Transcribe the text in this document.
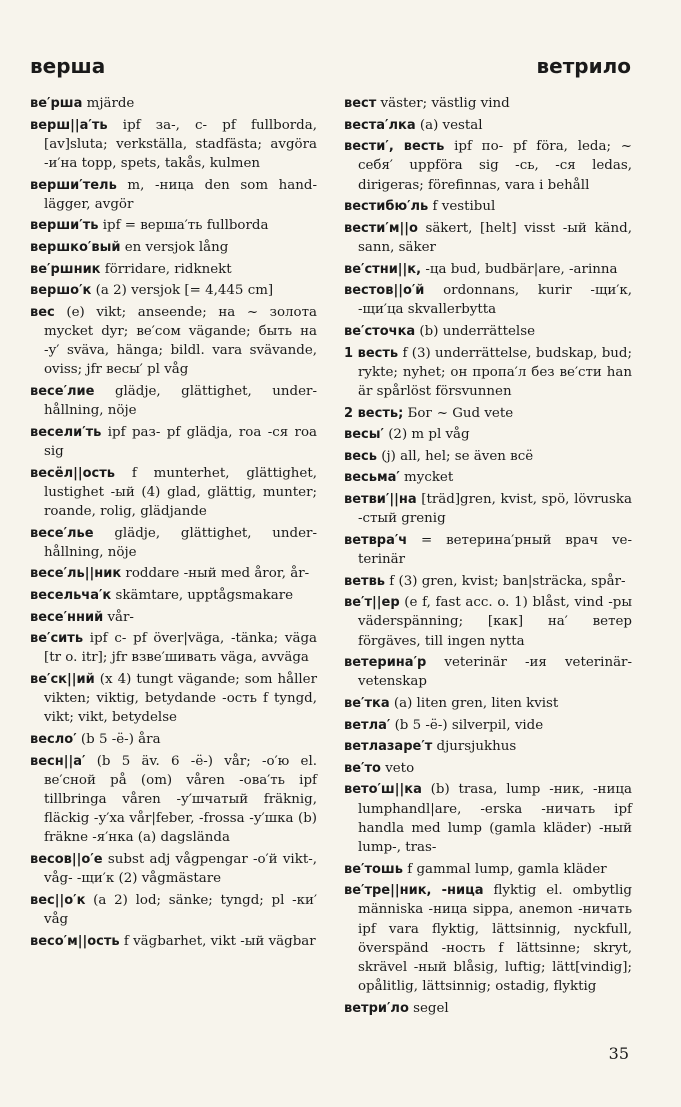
верша	ветрило

ве′рша mjärde

верш||а′ть ipf за-, с- pf fullborda, [av]sluta; verkställa, stadfästa; avgöra -и′на topp, spets, takås, kulmen

верши′тель m, -ница den som handlägger, avgör

верши′ть ipf = верша′ть fullborda

вершко′вый en versjok lång

ве′ршник förridare, ridknekt

вершо′к (a 2) versjok [= 4,445 cm]

вес (e) vikt; anseende; на ~ золота mycket dyr; ве′сом vägande; быть на -у′ sväva, hänga; bildl. vara svävande, oviss; jfr весы′ pl våg

весе′лие glädje, glättighet, underhållning, nöje

весели′ть ipf раз- pf glädja, roa -ся roa sig

весёл||ость f munterhet, glättighet, lustighet -ый (4) glad, glättig, munter; roande, rolig, glädjande

весе′лье glädje, glättighet, underhållning, nöje

весе′ль||ник roddare -ный med åror, år-

весельча′к skämtare, upptågsmakare

весе′нний vår-

ве′сить ipf с- pf över|väga, -tänka; väga [tr o. itr]; jfr взве′шивать väga, avväga

ве′ск||ий (x 4) tungt vägande; som håller vikten; viktig, betydande -ость f tyngd, vikt; vikt, betydelse

весло′ (b 5 -ё-) åra

весн||а′ (b 5 äv. 6 -ё-) vår; -о′ю el. ве′сной på (om) våren -ова′ть ipf tillbringa våren -у′шчатый fräknig, fläckig -у′ха vår|feber, -frossa -у′шка (b) fräkne -я′нка (a) dagslända

весов||о′е subst adj vågpengar -о′й vikt-, våg- -щи′к (2) vågmästare

вес||о′к (a 2) lod; sänke; tyngd; pl -ки′ våg

весо′м||ость f vägbarhet, vikt -ый vägbar

вест väster; västlig vind

веста′лка (a) vestal

вести′, весть ipf по- pf föra, leda; ~ себя′ uppföra sig -сь, -ся ledas, dirigeras; förefinnas, vara i behåll

вестибю′ль f vestibul

вести′м||о säkert, [helt] visst -ый känd, sann, säker

ве′стни||к, -ца bud, budbär|are, -arinna

вестов||о′й ordonnans, kurir -щи′к, -щи′ца skvallerbytta

ве′сточка (b) underrättelse

1 весть f (3) underrättelse, budskap, bud; rykte; nyhet; он пропа′л без ве′сти han är spårlöst försvunnen

2 весть; Бог ~ Gud vete

весы′ (2) m pl våg

весь (j) all, hel; se även всё

весьма′ mycket

ветви′||на [träd]gren, kvist, spö, lövruska -стый grenig

ветвра′ч = ветерина′рный врач veterinär

ветвь f (3) gren, kvist; ban|sträcka, spår-

ве′т||ер (e f, fast acc. o. 1) blåst, vind -ры väderspänning; [как] на′ ветер förgäves, till ingen nytta

ветерина′р veterinär -ия veterinärvetenskap

ве′тка (a) liten gren, liten kvist

ветла′ (b 5 -ё-) silverpil, vide

ветлазаре′т djursjukhus

ве′то veto

вето′ш||ка (b) trasa, lump -ник, -ница lumphandl|are, -erska -ничать ipf handla med lump (gamla kläder) -ный lump-, tras-

ве′тошь f gammal lump, gamla kläder

ве′тре||ник, -ница flyktig el. ombytlig människa -ница sippa, anemon -ничать ipf vara flyktig, lättsinnig, nyckfull, överspänd -ность f lättsinne; skryt, skrävel -ный blåsig, luftig; lätt[vindig]; opålitlig, lättsinnig; ostadig, flyktig

ветри′ло segel

35
